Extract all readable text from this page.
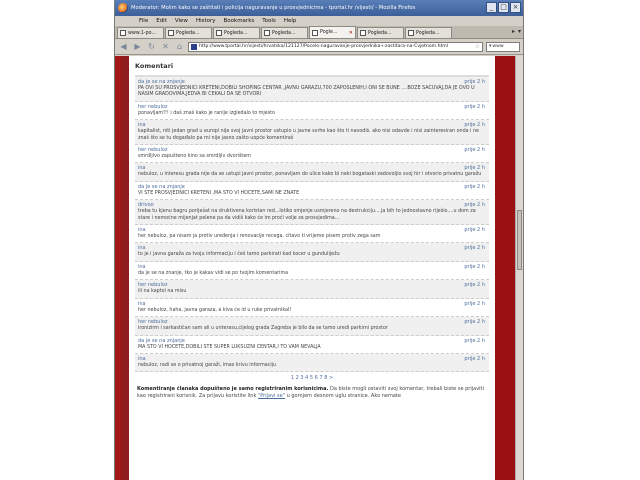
Moderator: Molim kako se zaštitati i policija naguravanje u prosvjednicima - tportal.hr /vijesti/ - Mozilla Firefox	_ □ ×
File Edit View History Bookmarks Tools Help
www.1-po...	Pogleda...	Pogleda...	Pogleda...	Pogle... ✕	Pogleda...	Pogleda...	▸ ▾
◀ ▶ ↻ ✕	⌂	http://www.tportal.hr/vijesti/hrvatska/121127/Pocelo-naguravanje-prosvjednika-i-zastitara-na-Cvjetnom.html	☆	▾ www
Komentari
da je se na znjanje	prije 2 h
PA OVI SU PROSVJEDNICI KRETENI,DOBILI SHOPING CENTAR ,JAVNU GARAZU,700 ZAPOSLENIH,I ONI SE BUNE ....BOZE SACUVAJ,DA JE OVO U NASIM GRADOVIMA,JEDVA BI CEKALI DA SE OTVORI
her nebuloz	prije 2 h
ponavljam!!! i daš znaš kako je ranije izgledalo to mjesto
ina	prije 2 h
kapitalist, niti jedan grad u europi nije svoj javni prostor ustupio u javne svrhe kao što ti navodiš. ako nisi odavde i nisi zainteresiran onda i ne znaš što se tu događalo pa mi nije jasno zašto uopće komentiraš
her nebuloz	prije 2 h
smrdljivo zapušteno kino sa smrdljiv dvorištem
ina	prije 2 h
nebuloz, u interesu grada nije da se ustupi javni prostor, ponavljam do ulice kako bi neki bogataski zadovoljio svoj hir i otvorio privatnu garažu
da je se na znjanje	prije 2 h
VI STE PROSVJEDNICI KRETENI ,MA STO VI HOCETE,SAMI NE ZNATE
drivoo	prije 2 h
treba tu kjenu bagru porijeśat na druktivena koristan red...lotiko smjenje usmjereno na destrukciju....ja bih to jednostavno riješio....u dom za stare i nemoćne mijenjat pelene pa da vidiš kako će im proći volje za prosvjedima...
ina	prije 2 h
her nebuloz, pa nisam ja protiv uređenja i renovacije recega, citavo ti vrijeme pisem protiv zega sam
ina	prije 2 h
to je i javna garaža za tvoju informaciju i češ tamo parkirati kad kocer u gunduliježu
ina	prije 2 h
da je se na znanje, tko je kakav vidi se po tvojim komentarima
her nebuloz	prije 2 h
ili na kaptol na misu
ina	prije 2 h
her nebuloz, haha, javna garaza, a kiva će id u ruke privatnikal!
her nebuloz	prije 2 h
ironizirm i sarkastičan sam ali u unterasu,cijelog grada Zagreba je bilo da se tamo uredi parkirni prostor
da je se na znjanje	prije 2 h
MA STO VI HOCETE,DOBILI STE SUPER LUKSUZNI CENTAR,I TO VAM NEVALJA
ina	prije 2 h
nebuloz, radi se o privatnoj garaži, imas krivu informaciju
1 2 3 4 5 6 7 8 >
Komentiranje članaka dopušteno je samo registriranim korisnicima. Da biste mogli ostaviti svoj komentar, trebali biste se prijaviti kao registrirani korisnik. Za prijavu koristite link "Prijavi se" u gornjem desnom uglu stranice. Ako nemate
